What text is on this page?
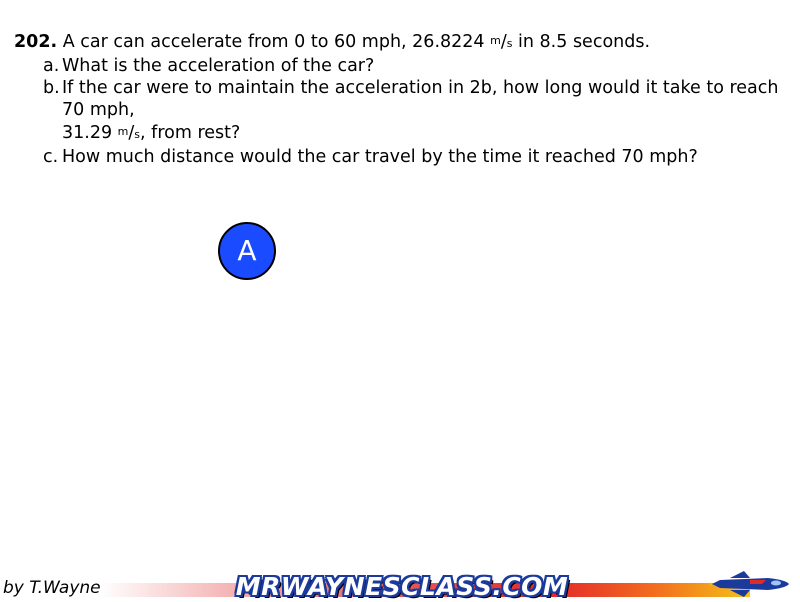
202. A car can accelerate from 0 to 60 mph, 26.8224 m/s in 8.5 seconds.
a. What is the acceleration of the car?
b. If the car were to maintain the acceleration in 2b, how long would it take to reach 70 mph,
31.29 m/s, from rest?
c. How much distance would the car travel by the time it reached 70 mph?
A
by T.Wayne	MRWAYNESCLASS.COM
